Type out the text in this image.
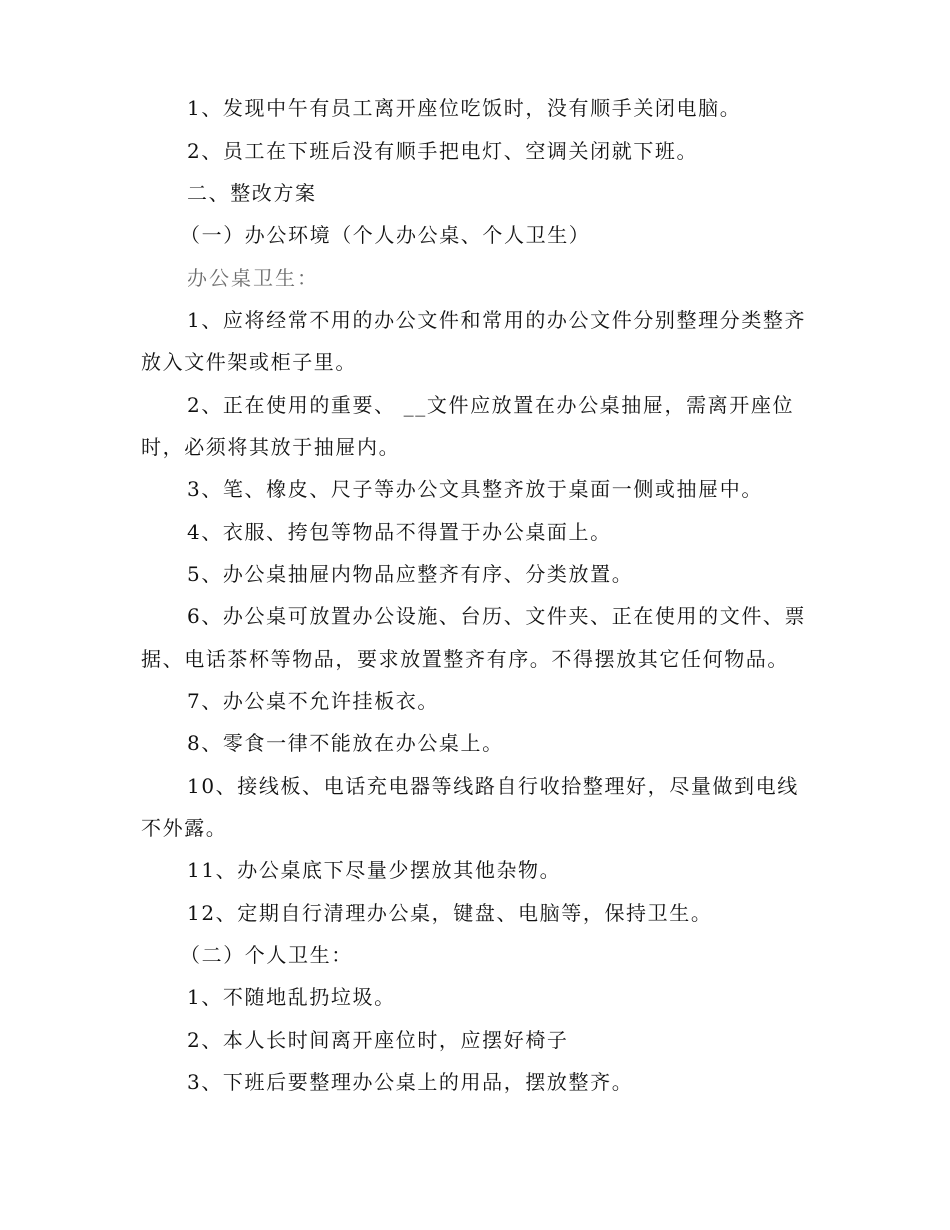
1、发现中午有员工离开座位吃饭时，没有顺手关闭电脑。
2、员工在下班后没有顺手把电灯、空调关闭就下班。
二、整改方案
（一）办公环境（个人办公桌、个人卫生）
办公桌卫生：
1、应将经常不用的办公文件和常用的办公文件分别整理分类整齐
放入文件架或柜子里。
2、正在使用的重要、 __文件应放置在办公桌抽屉，需离开座位
时，必须将其放于抽屉内。
3、笔、橡皮、尺子等办公文具整齐放于桌面一侧或抽屉中。
4、衣服、挎包等物品不得置于办公桌面上。
5、办公桌抽屉内物品应整齐有序、分类放置。
6、办公桌可放置办公设施、台历、文件夹、正在使用的文件、票
据、电话茶杯等物品，要求放置整齐有序。不得摆放其它任何物品。
7、办公桌不允许挂板衣。
8、零食一律不能放在办公桌上。
10、接线板、电话充电器等线路自行收拾整理好，尽量做到电线
不外露。
11、办公桌底下尽量少摆放其他杂物。
12、定期自行清理办公桌，键盘、电脑等，保持卫生。
（二）个人卫生：
1、不随地乱扔垃圾。
2、本人长时间离开座位时，应摆好椅子
3、下班后要整理办公桌上的用品，摆放整齐。
